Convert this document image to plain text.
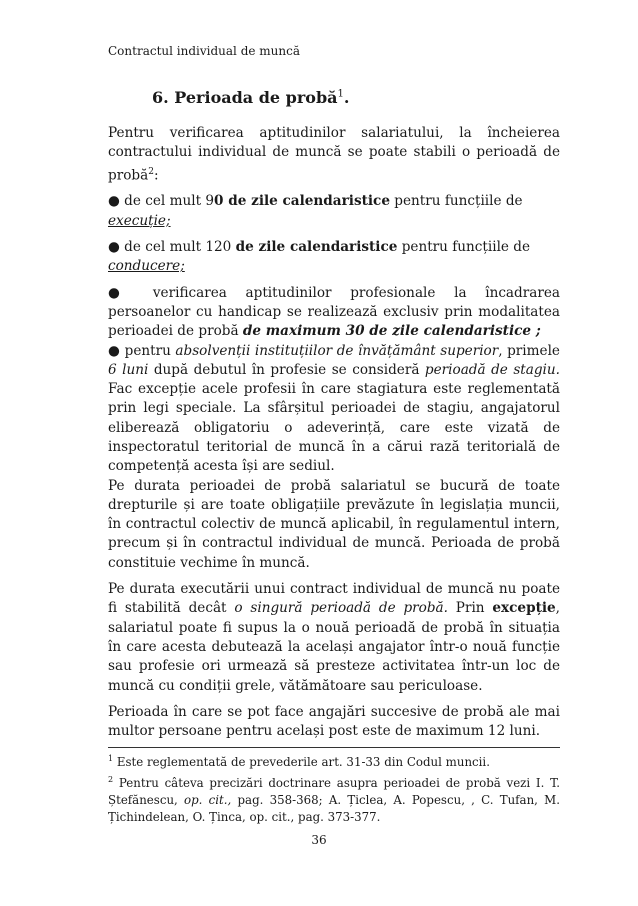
Contractul individual de muncă
6. Perioada de probă$^1$.

Pentru verificarea aptitudinilor salariatului, la încheierea contractului individual de muncă se poate stabili o perioadă de probă$^2$:

● de cel mult 90 de zile calendaristice pentru funcțiile de execuție;

● de cel mult 120 de zile calendaristice pentru funcțiile de conducere;

● verificarea aptitudinilor profesionale la încadrarea persoanelor cu handicap se realizează exclusiv prin modalitatea perioadei de probă de maximum 30 de zile calendaristice ;

● pentru absolvenții instituțiilor de învățământ superior, primele 6 luni după debutul în profesie se consideră perioadă de stagiu. Fac excepție acele profesii în care stagiatura este reglementată prin legi speciale. La sfârșitul perioadei de stagiu, angajatorul eliberează obligatoriu o adeverință, care este vizată de inspectoratul teritorial de muncă în a cărui rază teritorială de competență acesta își are sediul.

Pe durata perioadei de probă salariatul se bucură de toate drepturile și are toate obligațiile prevăzute în legislația muncii, în contractul colectiv de muncă aplicabil, în regulamentul intern, precum și în contractul individual de muncă. Perioada de probă constituie vechime în muncă.

Pe durata executării unui contract individual de muncă nu poate fi stabilită decât o singură perioadă de probă. Prin excepție, salariatul poate fi supus la o nouă perioadă de probă în situația în care acesta debutează la același angajator într-o nouă funcție sau profesie ori urmează să presteze activitatea într-un loc de muncă cu condiții grele, vătămătoare sau periculoase.

Perioada în care se pot face angajări succesive de probă ale mai multor persoane pentru același post este de maximum 12 luni.

$^1$ Este reglementată de prevederile art. 31-33 din Codul muncii.

$^2$ Pentru câteva precizări doctrinare asupra perioadei de probă vezi I. T. Ștefănescu, op. cit., pag. 358-368; A. Țiclea, A. Popescu, , C. Tufan, M. Țichindelean, O. Ținca, op. cit., pag. 373-377.

36
